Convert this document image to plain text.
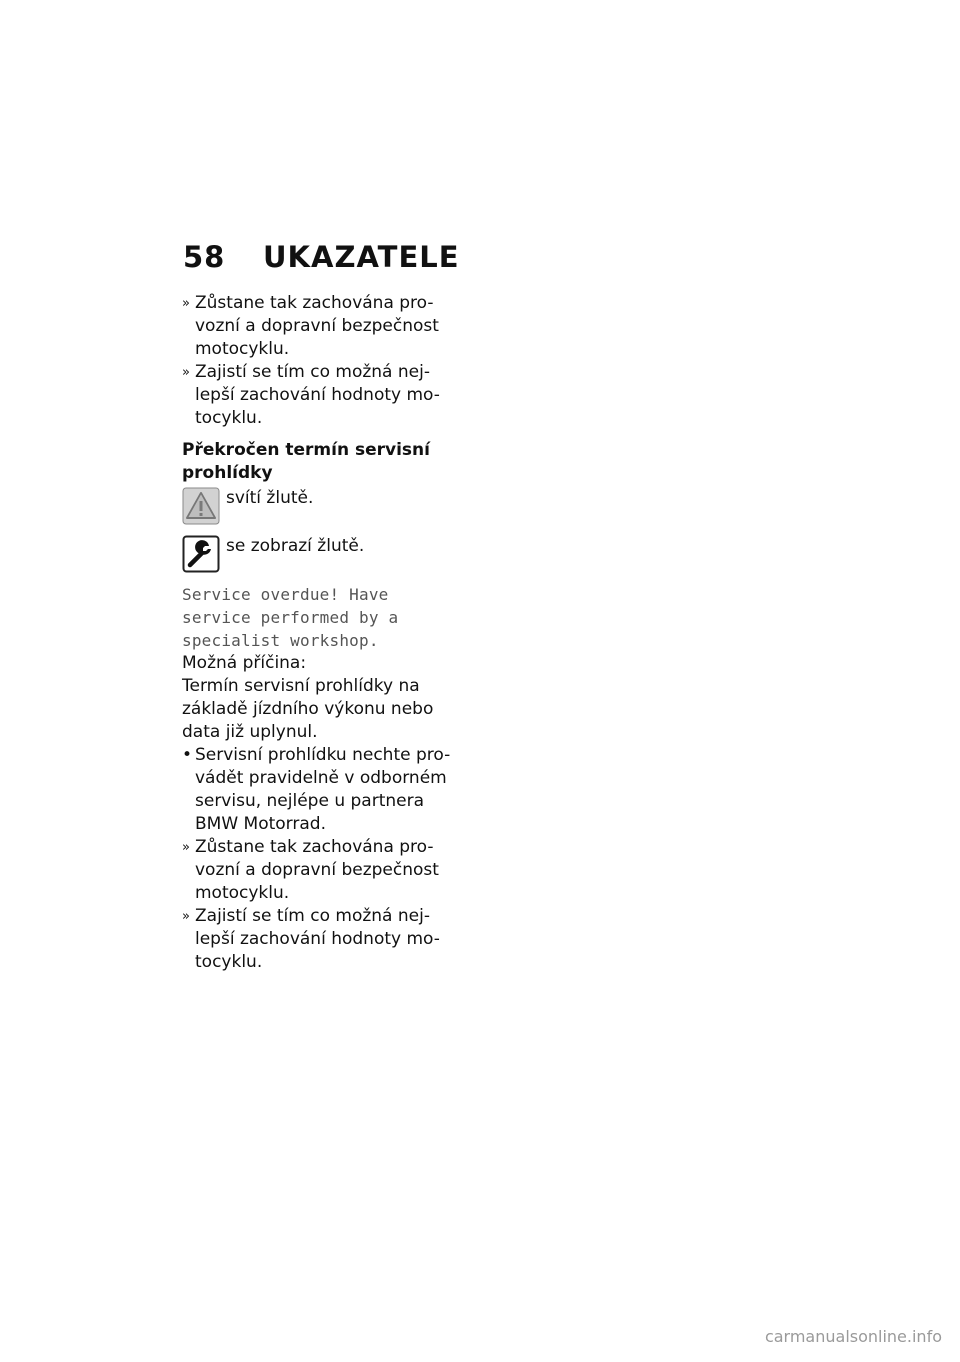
58 UKAZATELE
» Zůstane tak zachována pro-vozní a dopravní bezpečnost motocyklu.
» Zajistí se tím co možná nej-lepší zachování hodnoty mo-tocyklu.
Překročen termín servisní prohlídky
svítí žlutě.
se zobrazí žlutě.
Service overdue! Have service performed by a specialist workshop.

Možná příčina:

Termín servisní prohlídky na základě jízdního výkonu nebo data již uplynul.

• Servisní prohlídku nechte pro-vádět pravidelně v odborném servisu, nejlépe u partnera BMW Motorrad.
» Zůstane tak zachována pro-vozní a dopravní bezpečnost motocyklu.
» Zajistí se tím co možná nej-lepší zachování hodnoty mo-tocyklu.
carmanualsonline.info
